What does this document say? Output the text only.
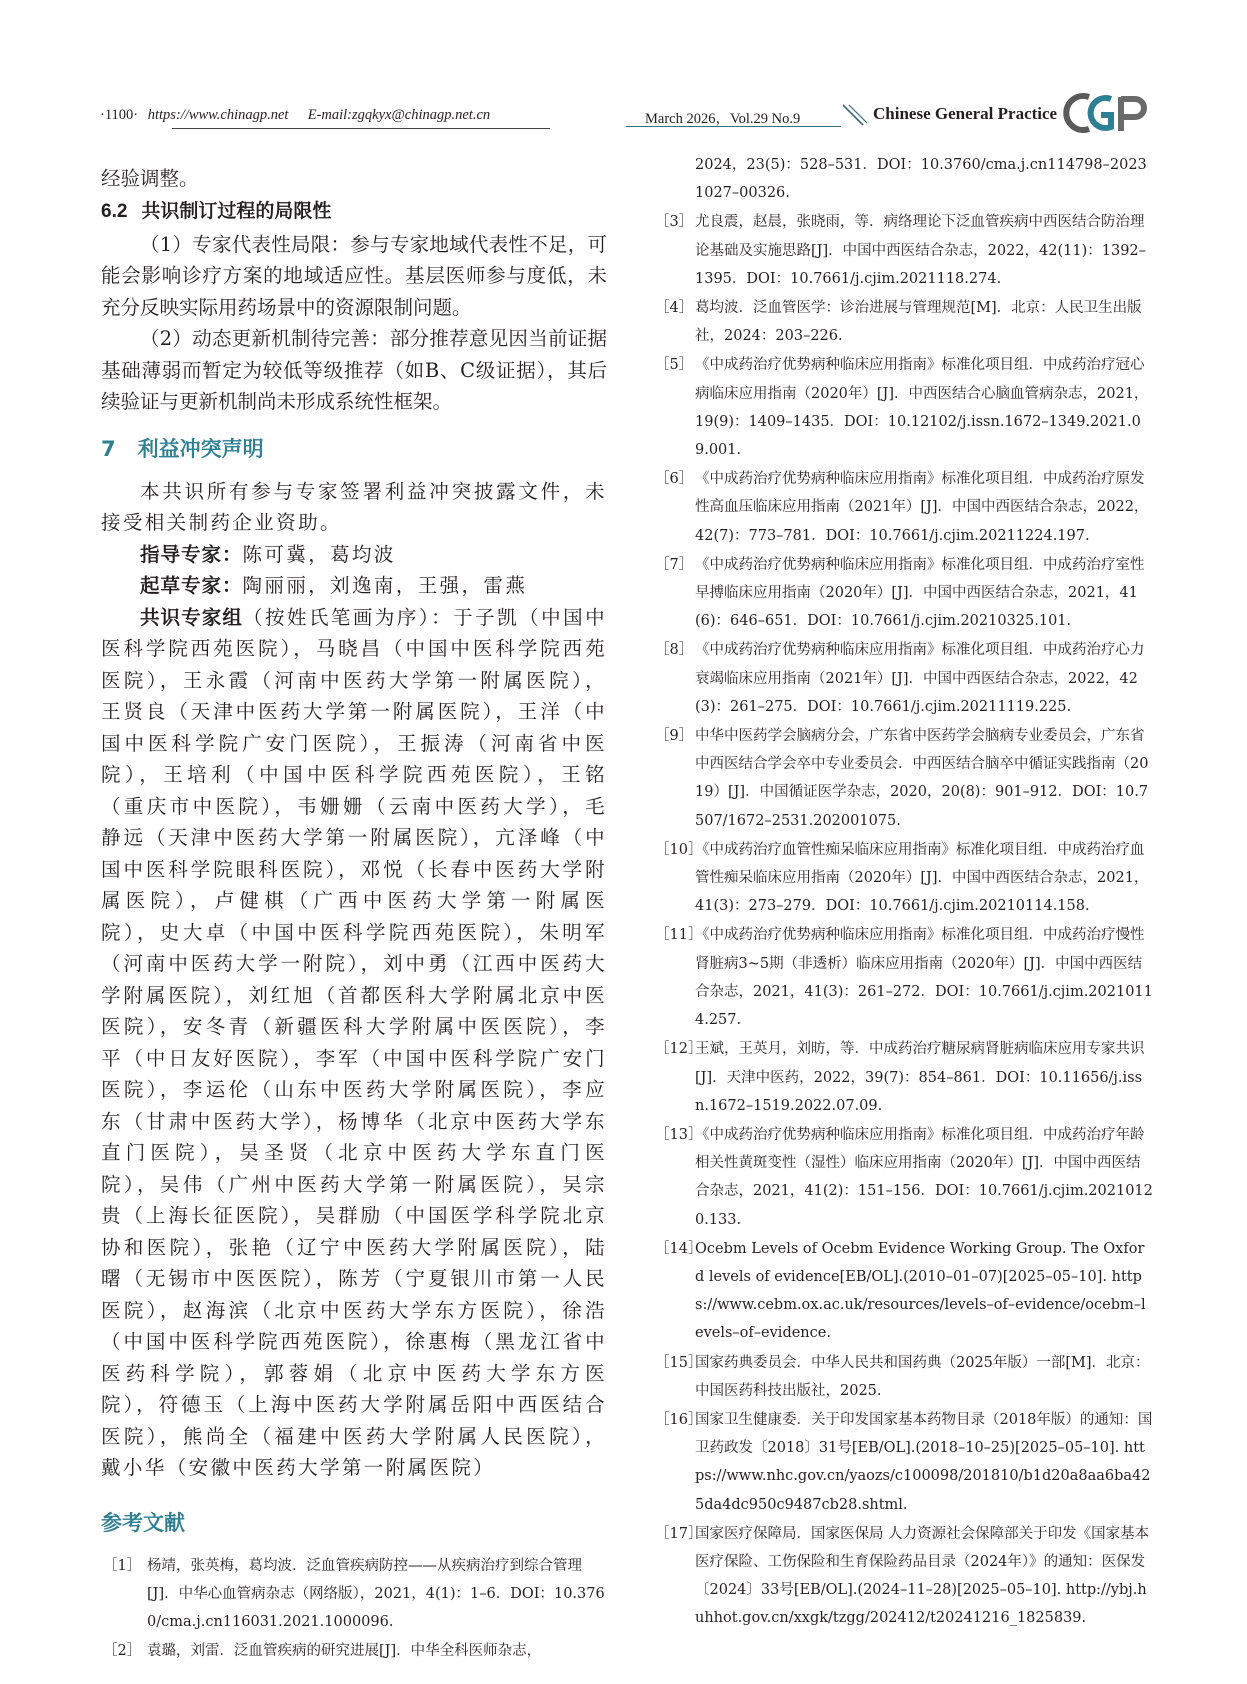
·1100· https://www.chinagp.net E-mail:zgqkyx@chinagp.net.cn	March 2026，Vol.29 No.9	Chinese General Practice

经验调整。

6.2 共识制订过程的局限性

（1）专家代表性局限：参与专家地域代表性不足，可能会影响诊疗方案的地域适应性。基层医师参与度低，未充分反映实际用药场景中的资源限制问题。

（2）动态更新机制待完善：部分推荐意见因当前证据基础薄弱而暂定为较低等级推荐（如B、C级证据），其后续验证与更新机制尚未形成系统性框架。

7 利益冲突声明

本共识所有参与专家签署利益冲突披露文件，未接受相关制药企业资助。

指导专家：陈可冀，葛均波

起草专家：陶丽丽，刘逸南，王强，雷燕

共识专家组（按姓氏笔画为序）：于子凯（中国中医科学院西苑医院），马晓昌（中国中医科学院西苑医院），王永霞（河南中医药大学第一附属医院），王贤良（天津中医药大学第一附属医院），王洋（中国中医科学院广安门医院），王振涛（河南省中医院），王培利（中国中医科学院西苑医院），王铭（重庆市中医院），韦姗姗（云南中医药大学），毛静远（天津中医药大学第一附属医院），亢泽峰（中国中医科学院眼科医院），邓悦（长春中医药大学附属医院），卢健棋（广西中医药大学第一附属医院），史大卓（中国中医科学院西苑医院），朱明军（河南中医药大学一附院），刘中勇（江西中医药大学附属医院），刘红旭（首都医科大学附属北京中医医院），安冬青（新疆医科大学附属中医医院），李平（中日友好医院），李军（中国中医科学院广安门医院），李运伦（山东中医药大学附属医院），李应东（甘肃中医药大学），杨博华（北京中医药大学东直门医院），吴圣贤（北京中医药大学东直门医院），吴伟（广州中医药大学第一附属医院），吴宗贵（上海长征医院），吴群励（中国医学科学院北京协和医院），张艳（辽宁中医药大学附属医院），陆曙（无锡市中医医院），陈芳（宁夏银川市第一人民医院），赵海滨（北京中医药大学东方医院），徐浩（中国中医科学院西苑医院），徐惠梅（黑龙江省中医药科学院），郭蓉娟（北京中医药大学东方医院），符德玉（上海中医药大学附属岳阳中西医结合医院），熊尚全（福建中医药大学附属人民医院），戴小华（安徽中医药大学第一附属医院）

参考文献
［1］ 杨靖，张英梅，葛均波．泛血管疾病防控——从疾病治疗到综合管理[J]．中华心血管病杂志（网络版），2021，4(1)：1–6．DOI：10.3760/cma.j.cn116031.2021.1000096.
［2］ 袁璐，刘雷．泛血管疾病的研究进展[J]．中华全科医师杂志，
2024，23(5)：528–531．DOI：10.3760/cma.j.cn114798–20231027–00326.
［3］ 尤良震，赵晨，张晓雨，等．病络理论下泛血管疾病中西医结合防治理论基础及实施思路[J]．中国中西医结合杂志，2022，42(11)：1392–1395．DOI：10.7661/j.cjim.2021118.274.
［4］ 葛均波．泛血管医学：诊治进展与管理规范[M]．北京：人民卫生出版社，2024：203–226.
［5］ 《中成药治疗优势病种临床应用指南》标准化项目组．中成药治疗冠心病临床应用指南（2020年）[J]．中西医结合心脑血管病杂志，2021，19(9)：1409–1435．DOI：10.12102/j.issn.1672–1349.2021.09.001.
［6］ 《中成药治疗优势病种临床应用指南》标准化项目组．中成药治疗原发性高血压临床应用指南（2021年）[J]．中国中西医结合杂志，2022，42(7)：773–781．DOI：10.7661/j.cjim.20211224.197.
［7］ 《中成药治疗优势病种临床应用指南》标准化项目组．中成药治疗室性早搏临床应用指南（2020年）[J]．中国中西医结合杂志，2021，41(6)：646–651．DOI：10.7661/j.cjim.20210325.101.
［8］ 《中成药治疗优势病种临床应用指南》标准化项目组．中成药治疗心力衰竭临床应用指南（2021年）[J]．中国中西医结合杂志，2022，42(3)：261–275．DOI：10.7661/j.cjim.20211119.225.
［9］ 中华中医药学会脑病分会，广东省中医药学会脑病专业委员会，广东省中西医结合学会卒中专业委员会．中西医结合脑卒中循证实践指南（2019）[J]．中国循证医学杂志，2020，20(8)：901–912．DOI：10.7507/1672–2531.202001075.
［10］
《中成药治疗血管性痴呆临床应用指南》标准化项目组．中成药治疗血管性痴呆临床应用指南（2020年）[J]．中国中西医结合杂志，2021，41(3)：273–279．DOI：10.7661/j.cjim.20210114.158.
［11］
《中成药治疗优势病种临床应用指南》标准化项目组．中成药治疗慢性肾脏病3~5期（非透析）临床应用指南（2020年）[J]．中国中西医结合杂志，2021，41(3)：261–272．DOI：10.7661/j.cjim.20210114.257.
［12］
王斌，王英月，刘昉，等．中成药治疗糖尿病肾脏病临床应用专家共识[J]．天津中医药，2022，39(7)：854–861．DOI：10.11656/j.issn.1672–1519.2022.07.09.
［13］
《中成药治疗优势病种临床应用指南》标准化项目组．中成药治疗年龄相关性黄斑变性（湿性）临床应用指南（2020年）[J]．中国中西医结合杂志，2021，41(2)：151–156．DOI：10.7661/j.cjim.20210120.133.
［14］
Ocebm Levels of Ocebm Evidence Working Group. The Oxford levels of evidence[EB/OL].(2010–01–07)[2025–05–10]. https://www.cebm.ox.ac.uk/resources/levels–of–evidence/ocebm–levels–of–evidence.
［15］
国家药典委员会．中华人民共和国药典（2025年版）一部[M]．北京：中国医药科技出版社，2025.
［16］
国家卫生健康委．关于印发国家基本药物目录（2018年版）的通知：国卫药政发〔2018〕31号[EB/OL].(2018–10–25)[2025–05–10]. https://www.nhc.gov.cn/yaozs/c100098/201810/b1d20a8aa6ba425da4dc950c9487cb28.shtml.
［17］
国家医疗保障局．国家医保局 人力资源社会保障部关于印发《国家基本医疗保险、工伤保险和生育保险药品目录（2024年）》的通知：医保发〔2024〕33号[EB/OL].(2024–11–28)[2025–05–10]. http://ybj.huhhot.gov.cn/xxgk/tzgg/202412/t20241216_1825839.
